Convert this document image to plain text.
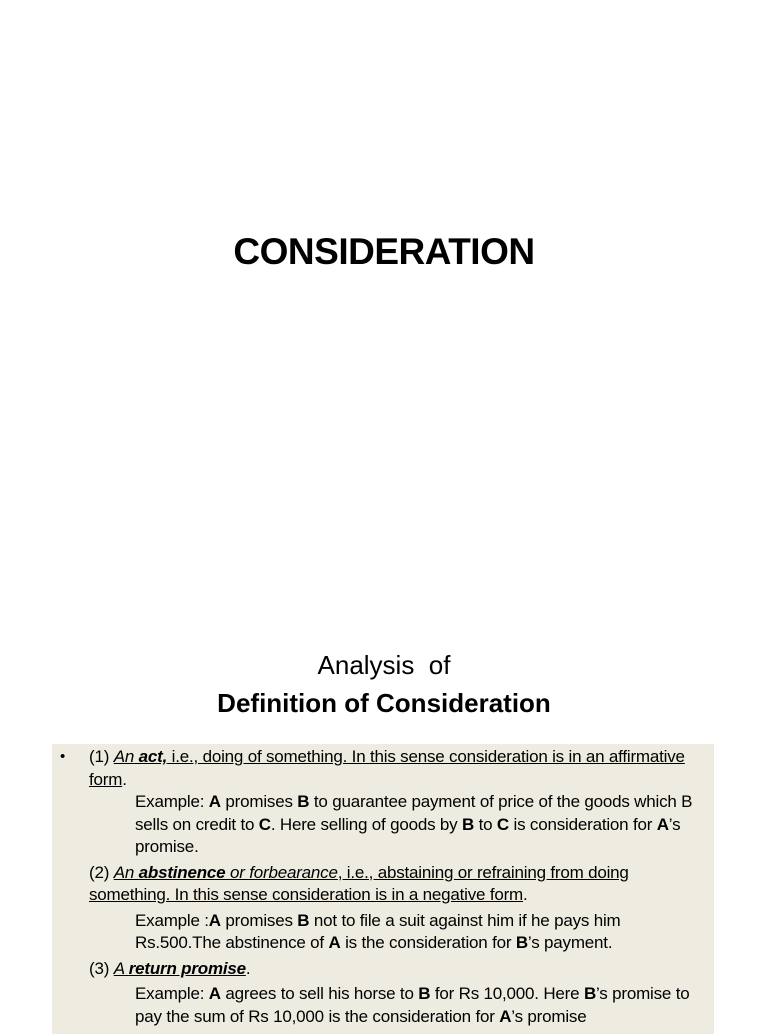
CONSIDERATION
Analysis  of
Definition of Consideration
• (1) An act, i.e., doing of something. In this sense consideration is in an affirmative form.

Example: A promises B to guarantee payment of price of the goods which B sells on credit to C. Here selling of goods by B to C is consideration for A’s promise.

(2) An abstinence or forbearance, i.e., abstaining or refraining from doing something. In this sense consideration is in a negative form.

Example :A promises B not to file a suit against him if he pays him Rs.500.The abstinence of A is the consideration for B’s payment.

(3) A return promise.

Example: A agrees to sell his horse to B for Rs 10,000. Here B’s promise to pay the sum of Rs 10,000 is the consideration for A’s promise
